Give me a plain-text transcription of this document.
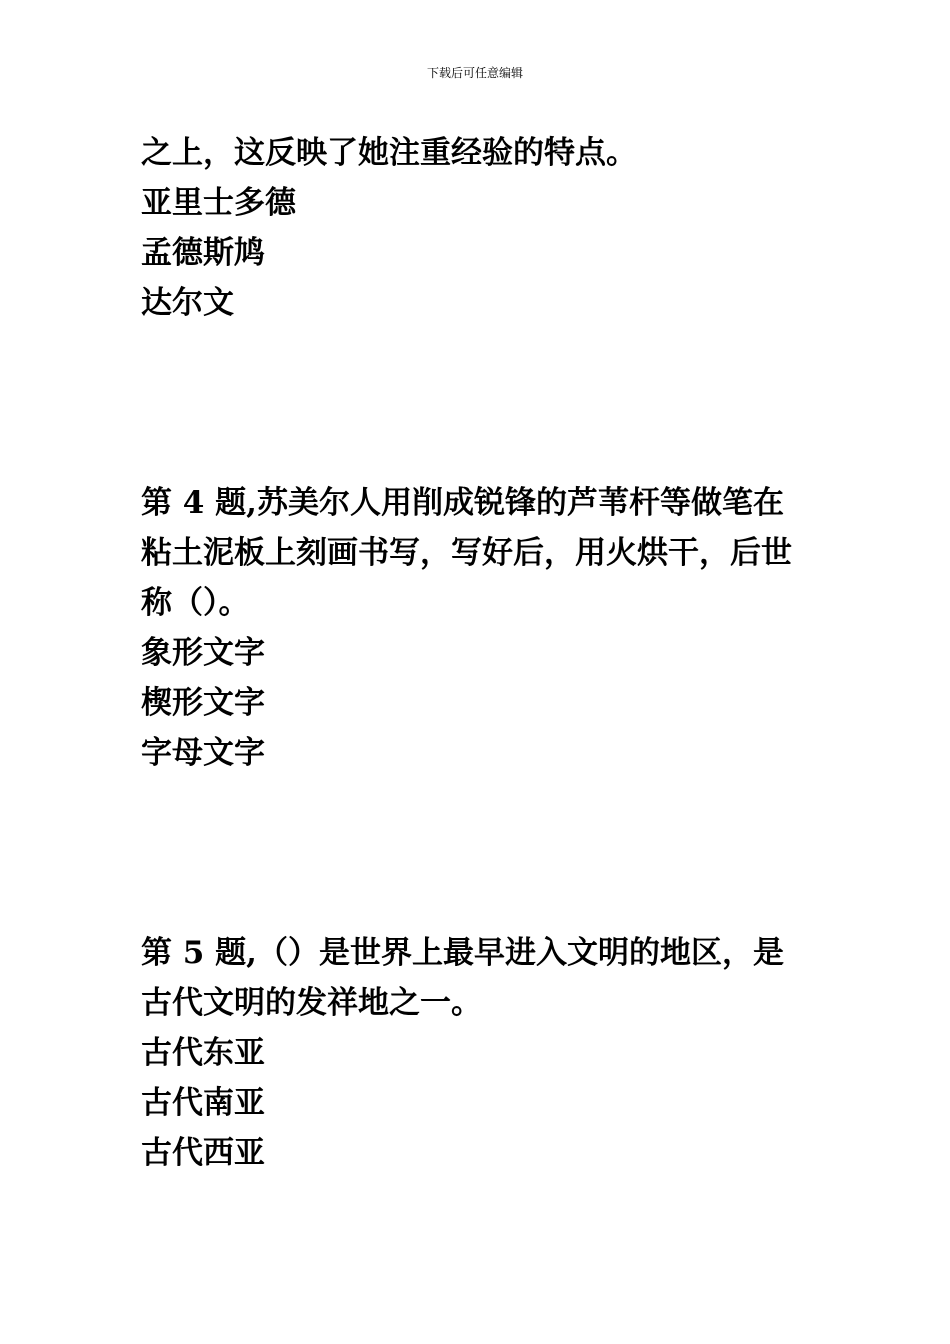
下载后可任意编辑
之上，这反映了她注重经验的特点。
亚里士多德
孟德斯鸠
达尔文
第 4 题,苏美尔人用削成锐锋的芦苇杆等做笔在
粘土泥板上刻画书写，写好后，用火烘干，后世
称（）。
象形文字
楔形文字
字母文字
第 5 题,（）是世界上最早进入文明的地区，是
古代文明的发祥地之一。
古代东亚
古代南亚
古代西亚
